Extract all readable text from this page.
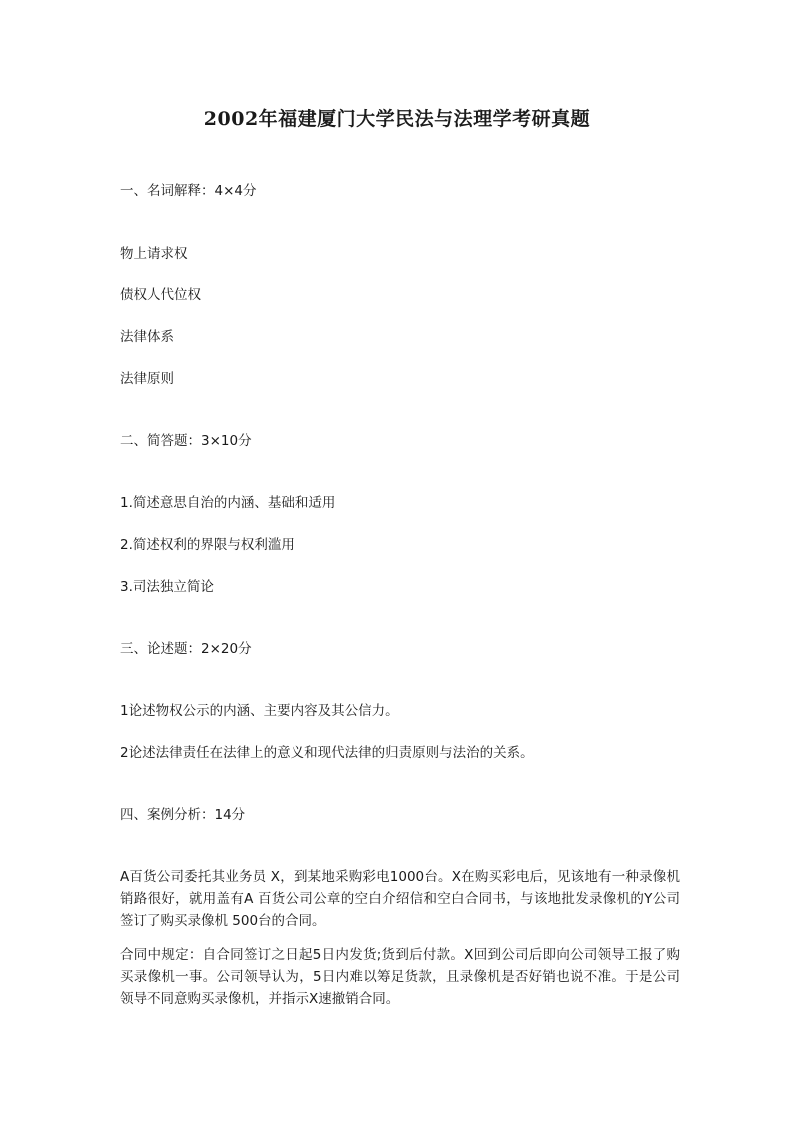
2002年福建厦门大学民法与法理学考研真题
一、名词解释：4×4分
物上请求权
债权人代位权
法律体系
法律原则
二、简答题：3×10分
1.简述意思自治的内涵、基础和适用
2.简述权利的界限与权利滥用
3.司法独立简论
三、论述题：2×20分
1论述物权公示的内涵、主要内容及其公信力。
2论述法律责任在法律上的意义和现代法律的归责原则与法治的关系。
四、案例分析：14分
A百货公司委托其业务员 X，到某地采购彩电1000台。X在购买彩电后，见该地有一种录像机销路很好，就用盖有A 百货公司公章的空白介绍信和空白合同书，与该地批发录像机的Y公司签订了购买录像机 500台的合同。
合同中规定：自合同签订之日起5日内发货;货到后付款。X回到公司后即向公司领导工报了购买录像机一事。公司领导认为，5日内难以筹足货款，且录像机是否好销也说不准。于是公司领导不同意购买录像机，并指示X速撤销合同。
